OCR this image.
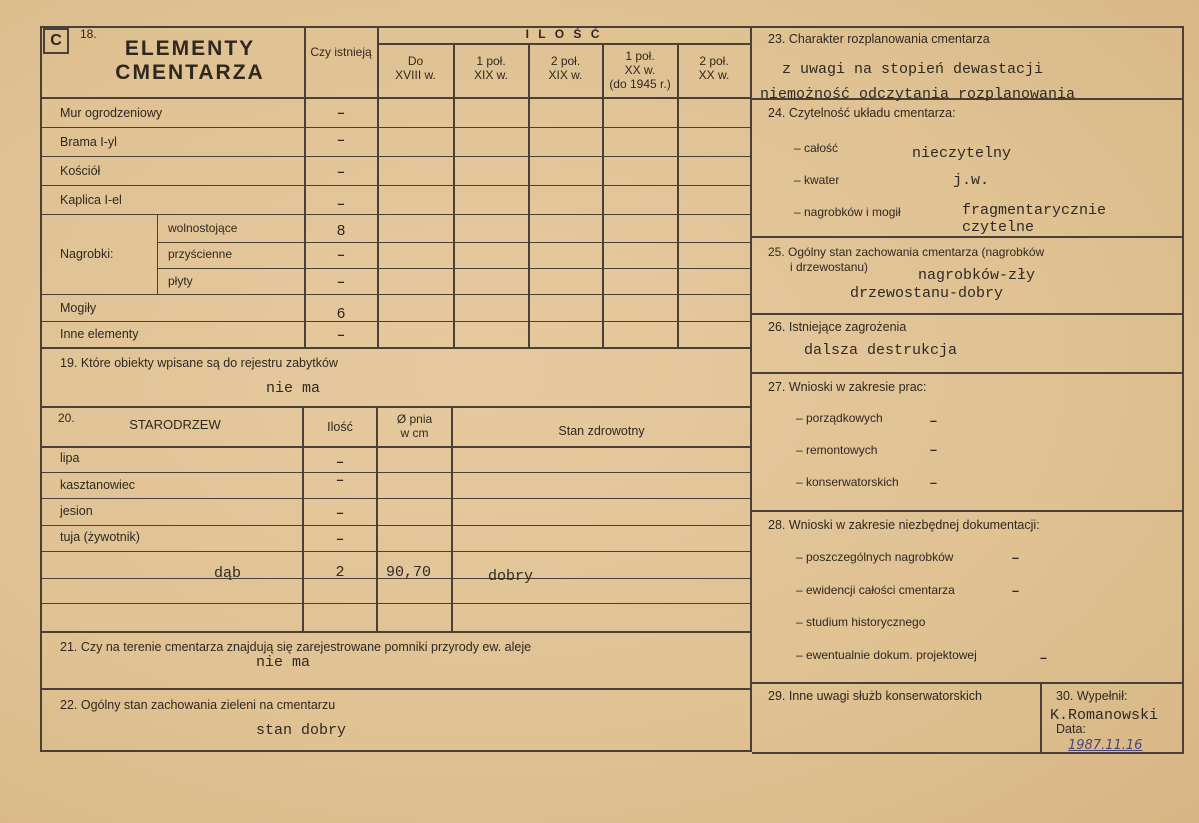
C	18.
ELEMENTY
CMENTARZA
Czy istnieją
I L O Ś Ć
Do
XVIII w.
1 poł.
XIX w.
2 poł.
XIX w.
1 poł.
XX w.
(do 1945 r.)
2 poł.
XX w.
Mur ogrodzeniowy	–
Brama I-yl	–
Kościół	–
Kaplica I-el	–
Nagrobki:
wolnostojące	8
przyścienne	–
płyty	–
Mogiły	6
Inne elementy	–
19. Które obiekty wpisane są do rejestru zabytków
nie ma
20.	STARODRZEW	Ilość
Ø pnia
w cm	Stan zdrowotny
lipa	–
kasztanowiec	–
jesion	–
tuja (żywotnik)	–
dąb	2	90,70	dobry
21. Czy na terenie cmentarza znajdują się zarejestrowane pomniki przyrody ew. aleje
nie ma
22. Ogólny stan zachowania zieleni na cmentarzu
stan dobry
23. Charakter rozplanowania cmentarza
z uwagi na stopień dewastacji
niemożność odczytania rozplanowania
24. Czytelność układu cmentarza:
– całość	nieczytelny
– kwater	j.w.
– nagrobków i mogił	fragmentarycznie
czytelne
25. Ogólny stan zachowania cmentarza (nagrobków
i drzewostanu)	nagrobków-zły
drzewostanu-dobry
26. Istniejące zagrożenia
dalsza destrukcja
27. Wnioski w zakresie prac:
– porządkowych	–
– remontowych	–
– konserwatorskich	–
28. Wnioski w zakresie niezbędnej dokumentacji:
– poszczególnych nagrobków	–
– ewidencji całości cmentarza	–
– studium historycznego
– ewentualnie dokum. projektowej	–
29. Inne uwagi służb konserwatorskich	30. Wypełnił:
K.Romanowski
Data:
1987.11.16
